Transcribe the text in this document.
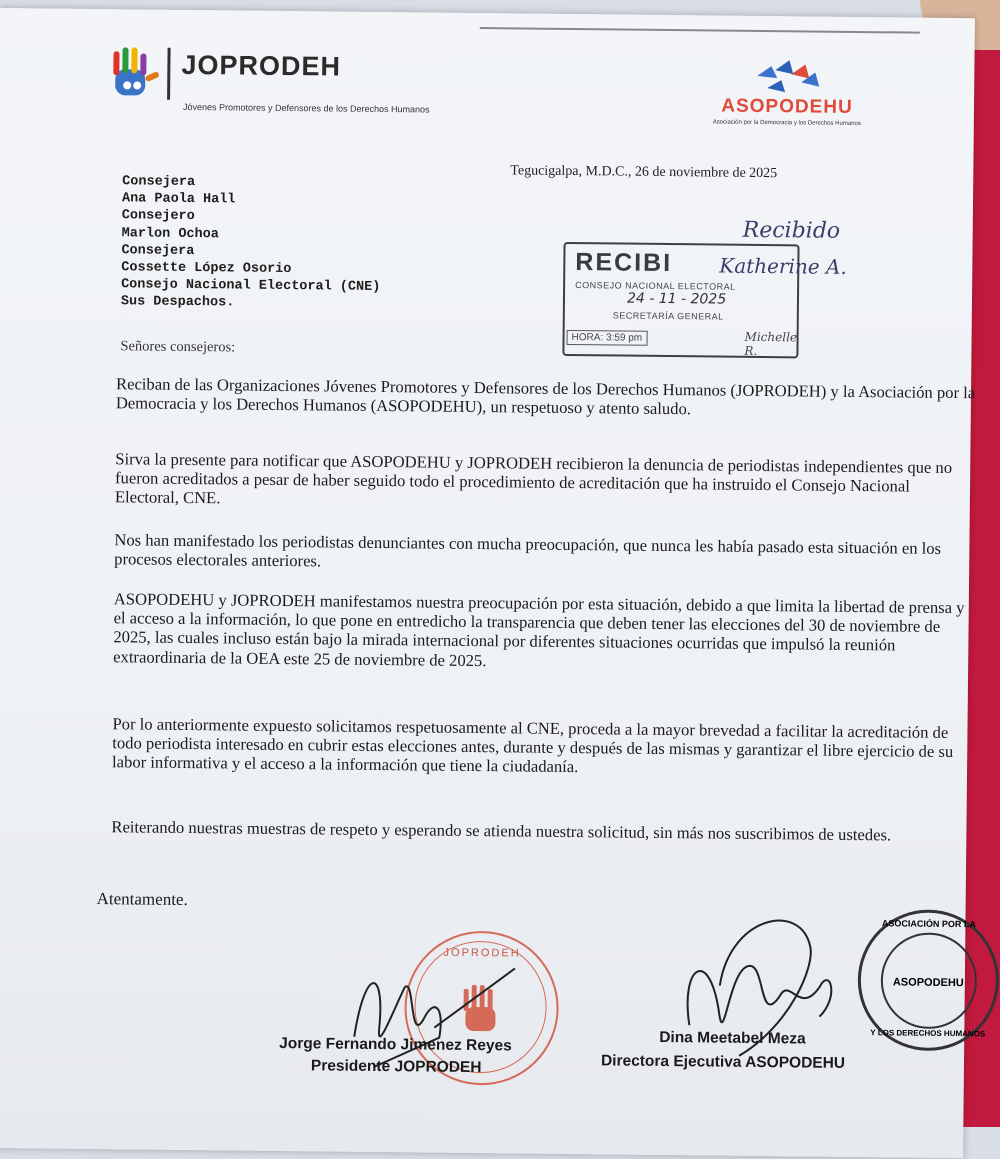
JOPRODEH
Jóvenes Promotores y Defensores de los Derechos Humanos	ASOPODEHU
Asociación por la Democracia y los Derechos Humanos
Tegucigalpa, M.D.C., 26 de noviembre de 2025
Consejera
Ana Paola Hall
Consejero
Marlon Ochoa
Consejera
Cossette López Osorio
Consejo Nacional Electoral (CNE)
Sus Despachos.
RECIBI
CONSEJO NACIONAL ELECTORAL
24 - 11 - 2025
SECRETARÍA GENERAL
HORA: 3:59 pm	Michelle R.
Recibido
Katherine A.
Señores consejeros:
Reciban de las Organizaciones Jóvenes Promotores y Defensores de los Derechos Humanos (JOPRODEH) y la Asociación por la Democracia y los Derechos Humanos (ASOPODEHU), un respetuoso y atento saludo.
Sirva la presente para notificar que ASOPODEHU y JOPRODEH recibieron la denuncia de periodistas independientes que no fueron acreditados a pesar de haber seguido todo el procedimiento de acreditación que ha instruido el Consejo Nacional Electoral, CNE.
Nos han manifestado los periodistas denunciantes con mucha preocupación, que nunca les había pasado esta situación en los procesos electorales anteriores.
ASOPODEHU y JOPRODEH manifestamos nuestra preocupación por esta situación, debido a que limita la libertad de prensa y el acceso a la información, lo que pone en entredicho la transparencia que deben tener las elecciones del 30 de noviembre de 2025, las cuales incluso están bajo la mirada internacional por diferentes situaciones ocurridas que impulsó la reunión extraordinaria de la OEA este 25 de noviembre de 2025.
Por lo anteriormente expuesto solicitamos respetuosamente al CNE, proceda a la mayor brevedad a facilitar la acreditación de todo periodista interesado en cubrir estas elecciones antes, durante y después de las mismas y garantizar el libre ejercicio de su labor informativa y el acceso a la información que tiene la ciudadanía.
Reiterando nuestras muestras de respeto y esperando se atienda nuestra solicitud, sin más nos suscribimos de ustedes.
Atentamente.
JOPRODEH
ASOCIACIÓN POR LA
ASOPODEHU
Y LOS DERECHOS HUMANOS
Jorge Fernando Jimenez Reyes
Presidente JOPRODEH
Dina Meetabel Meza
Directora Ejecutiva ASOPODEHU
